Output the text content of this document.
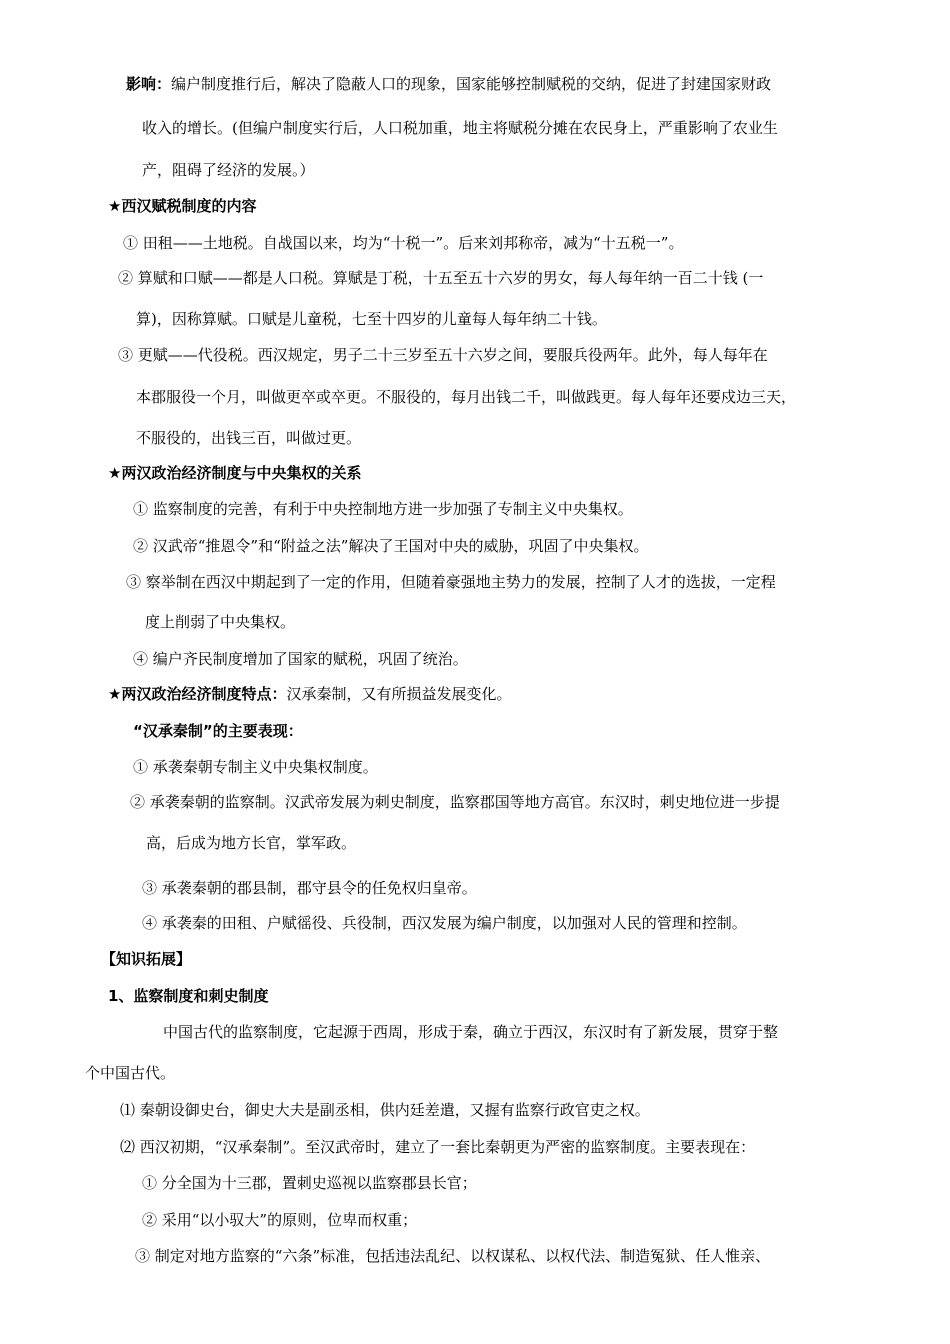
影响：编户制度推行后，解决了隐蔽人口的现象，国家能够控制赋税的交纳，促进了封建国家财政
收入的增长。(但编户制度实行后，人口税加重，地主将赋税分摊在农民身上，严重影响了农业生
产，阻碍了经济的发展。）
★西汉赋税制度的内容
① 田租——土地税。自战国以来，均为“十税一”。后来刘邦称帝，减为“十五税一”。
② 算赋和口赋——都是人口税。算赋是丁税，十五至五十六岁的男女，每人每年纳一百二十钱 (一
算)，因称算赋。口赋是儿童税，七至十四岁的儿童每人每年纳二十钱。
③ 更赋——代役税。西汉规定，男子二十三岁至五十六岁之间，要服兵役两年。此外，每人每年在
本郡服役一个月，叫做更卒或卒更。不服役的，每月出钱二千，叫做践更。每人每年还要戍边三天，
不服役的，出钱三百，叫做过更。
★两汉政治经济制度与中央集权的关系
① 监察制度的完善，有利于中央控制地方进一步加强了专制主义中央集权。
② 汉武帝“推恩令”和“附益之法”解决了王国对中央的威胁，巩固了中央集权。
③ 察举制在西汉中期起到了一定的作用，但随着豪强地主势力的发展，控制了人才的选拔，一定程
度上削弱了中央集权。
④ 编户齐民制度增加了国家的赋税，巩固了统治。
★两汉政治经济制度特点：汉承秦制，又有所损益发展变化。
“汉承秦制”的主要表现：
① 承袭秦朝专制主义中央集权制度。
② 承袭秦朝的监察制。汉武帝发展为刺史制度，监察郡国等地方高官。东汉时，刺史地位进一步提
高，后成为地方长官，掌军政。
③ 承袭秦朝的郡县制，郡守县令的任免权归皇帝。
④ 承袭秦的田租、户赋徭役、兵役制，西汉发展为编户制度，以加强对人民的管理和控制。
【知识拓展】
1、监察制度和刺史制度
中国古代的监察制度，它起源于西周，形成于秦，确立于西汉，东汉时有了新发展，贯穿于整
个中国古代。
⑴ 秦朝设御史台，御史大夫是副丞相，供内廷差遣，又握有监察行政官吏之权。
⑵ 西汉初期，“汉承秦制”。至汉武帝时，建立了一套比秦朝更为严密的监察制度。主要表现在：
① 分全国为十三郡，置刺史巡视以监察郡县长官；
② 采用“以小驭大”的原则，位卑而权重；
③ 制定对地方监察的“六条”标准，包括违法乱纪、以权谋私、以权代法、制造冤狱、任人惟亲、
